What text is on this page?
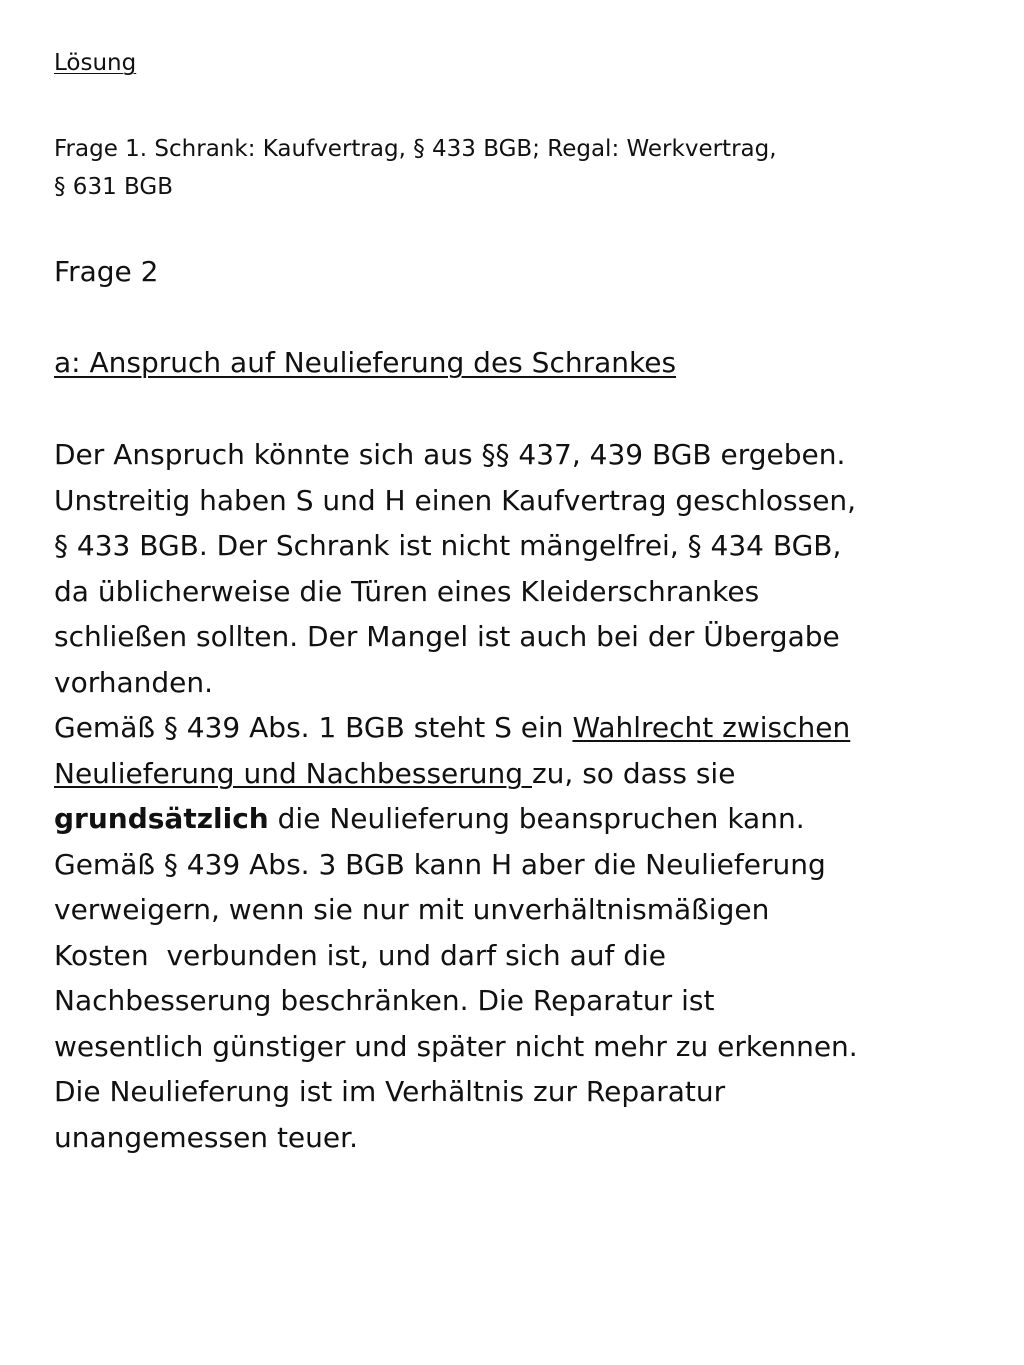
Lösung
Frage 1. Schrank: Kaufvertrag, § 433 BGB; Regal: Werkvertrag,
§ 631 BGB
Frage 2
a: Anspruch auf Neulieferung des Schrankes

Der Anspruch könnte sich aus §§ 437, 439 BGB ergeben.
Unstreitig haben S und H einen Kaufvertrag geschlossen,
§ 433 BGB. Der Schrank ist nicht mängelfrei, § 434 BGB,
da üblicherweise die Türen eines Kleiderschrankes
schließen sollten. Der Mangel ist auch bei der Übergabe
vorhanden.

Gemäß § 439 Abs. 1 BGB steht S ein Wahlrecht zwischen
Neulieferung und Nachbesserung zu, so dass sie
grundsätzlich die Neulieferung beanspruchen kann.

Gemäß § 439 Abs. 3 BGB kann H aber die Neulieferung
verweigern, wenn sie nur mit unverhältnismäßigen
Kosten  verbunden ist, und darf sich auf die
Nachbesserung beschränken. Die Reparatur ist
wesentlich günstiger und später nicht mehr zu erkennen.
Die Neulieferung ist im Verhältnis zur Reparatur
unangemessen teuer.
